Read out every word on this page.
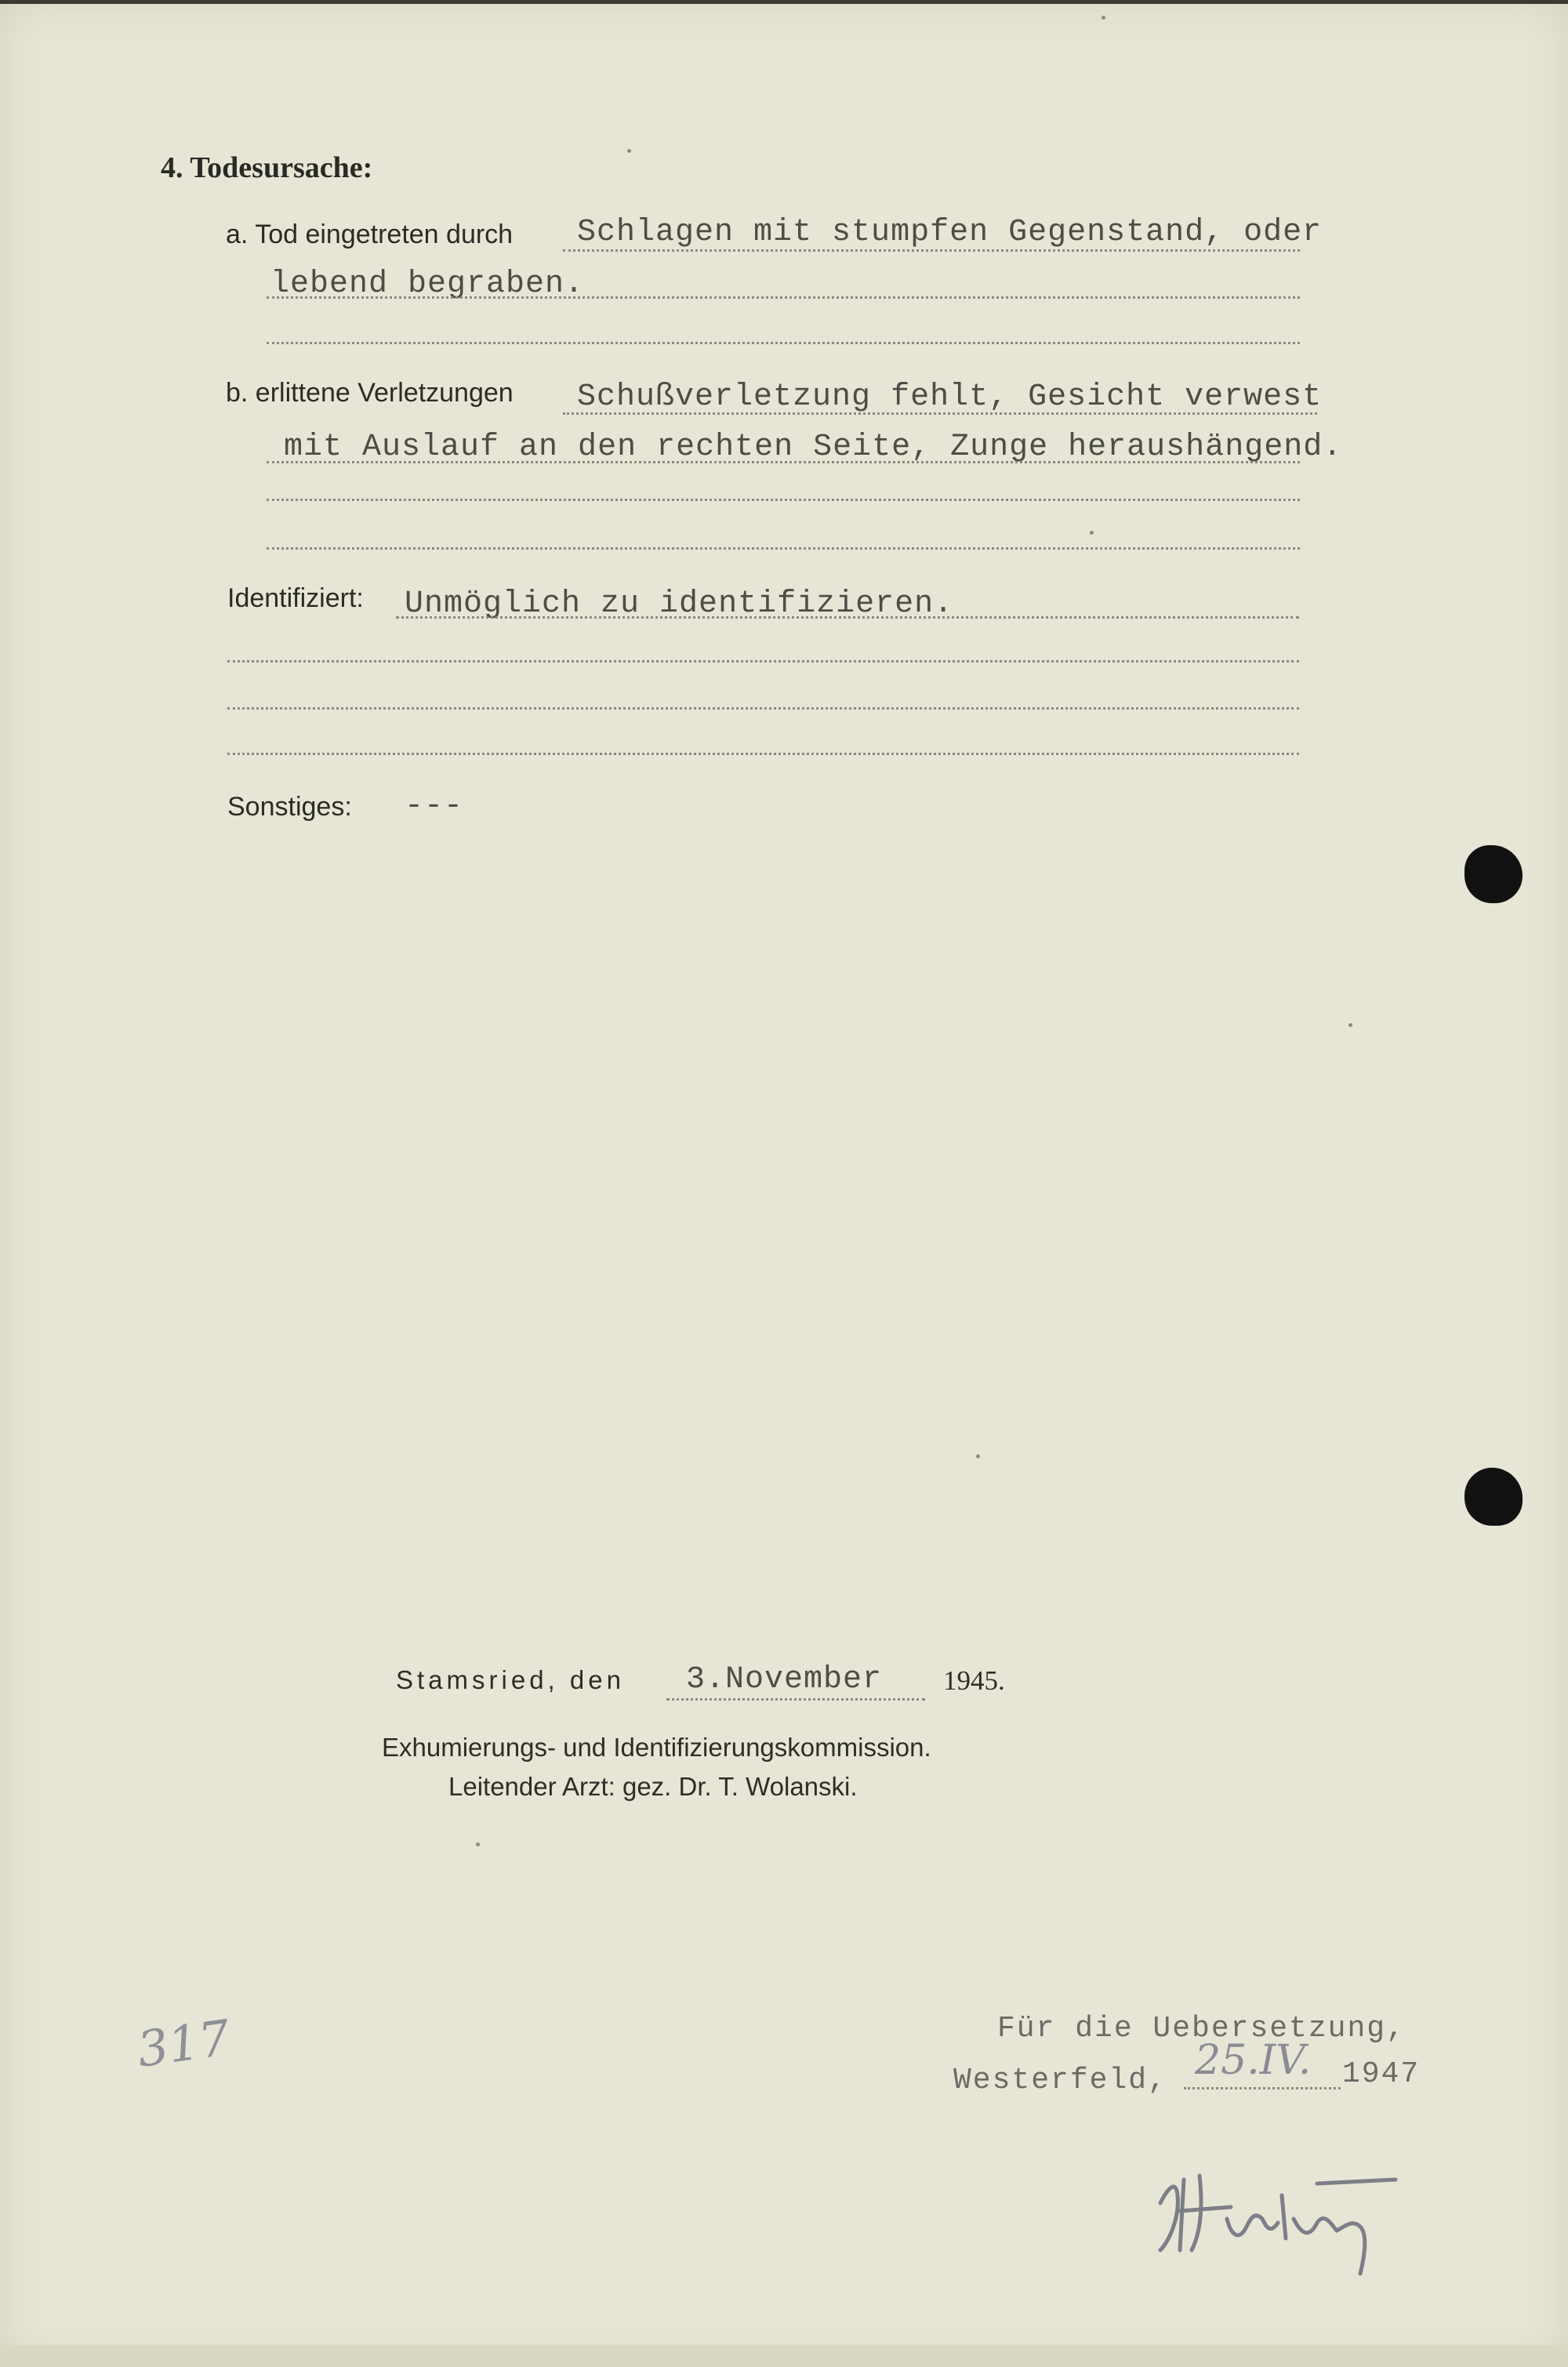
4. Todesursache:
a. Tod eingetreten durch Schlagen mit stumpfen Gegenstand, oder
lebend begraben.
b. erlittene Verletzungen Schußverletzung fehlt, Gesicht verwest
mit Auslauf an den rechten Seite, Zunge heraushängend.
Identifiziert: Unmöglich zu identifizieren.
Sonstiges: ---
Stamsried, den 3.November 1945.
Exhumierungs- und Identifizierungskommission.
Leitender Arzt: gez. Dr. T. Wolanski.
317	Für die Uebersetzung,
Westerfeld, 25.IV. 1947
